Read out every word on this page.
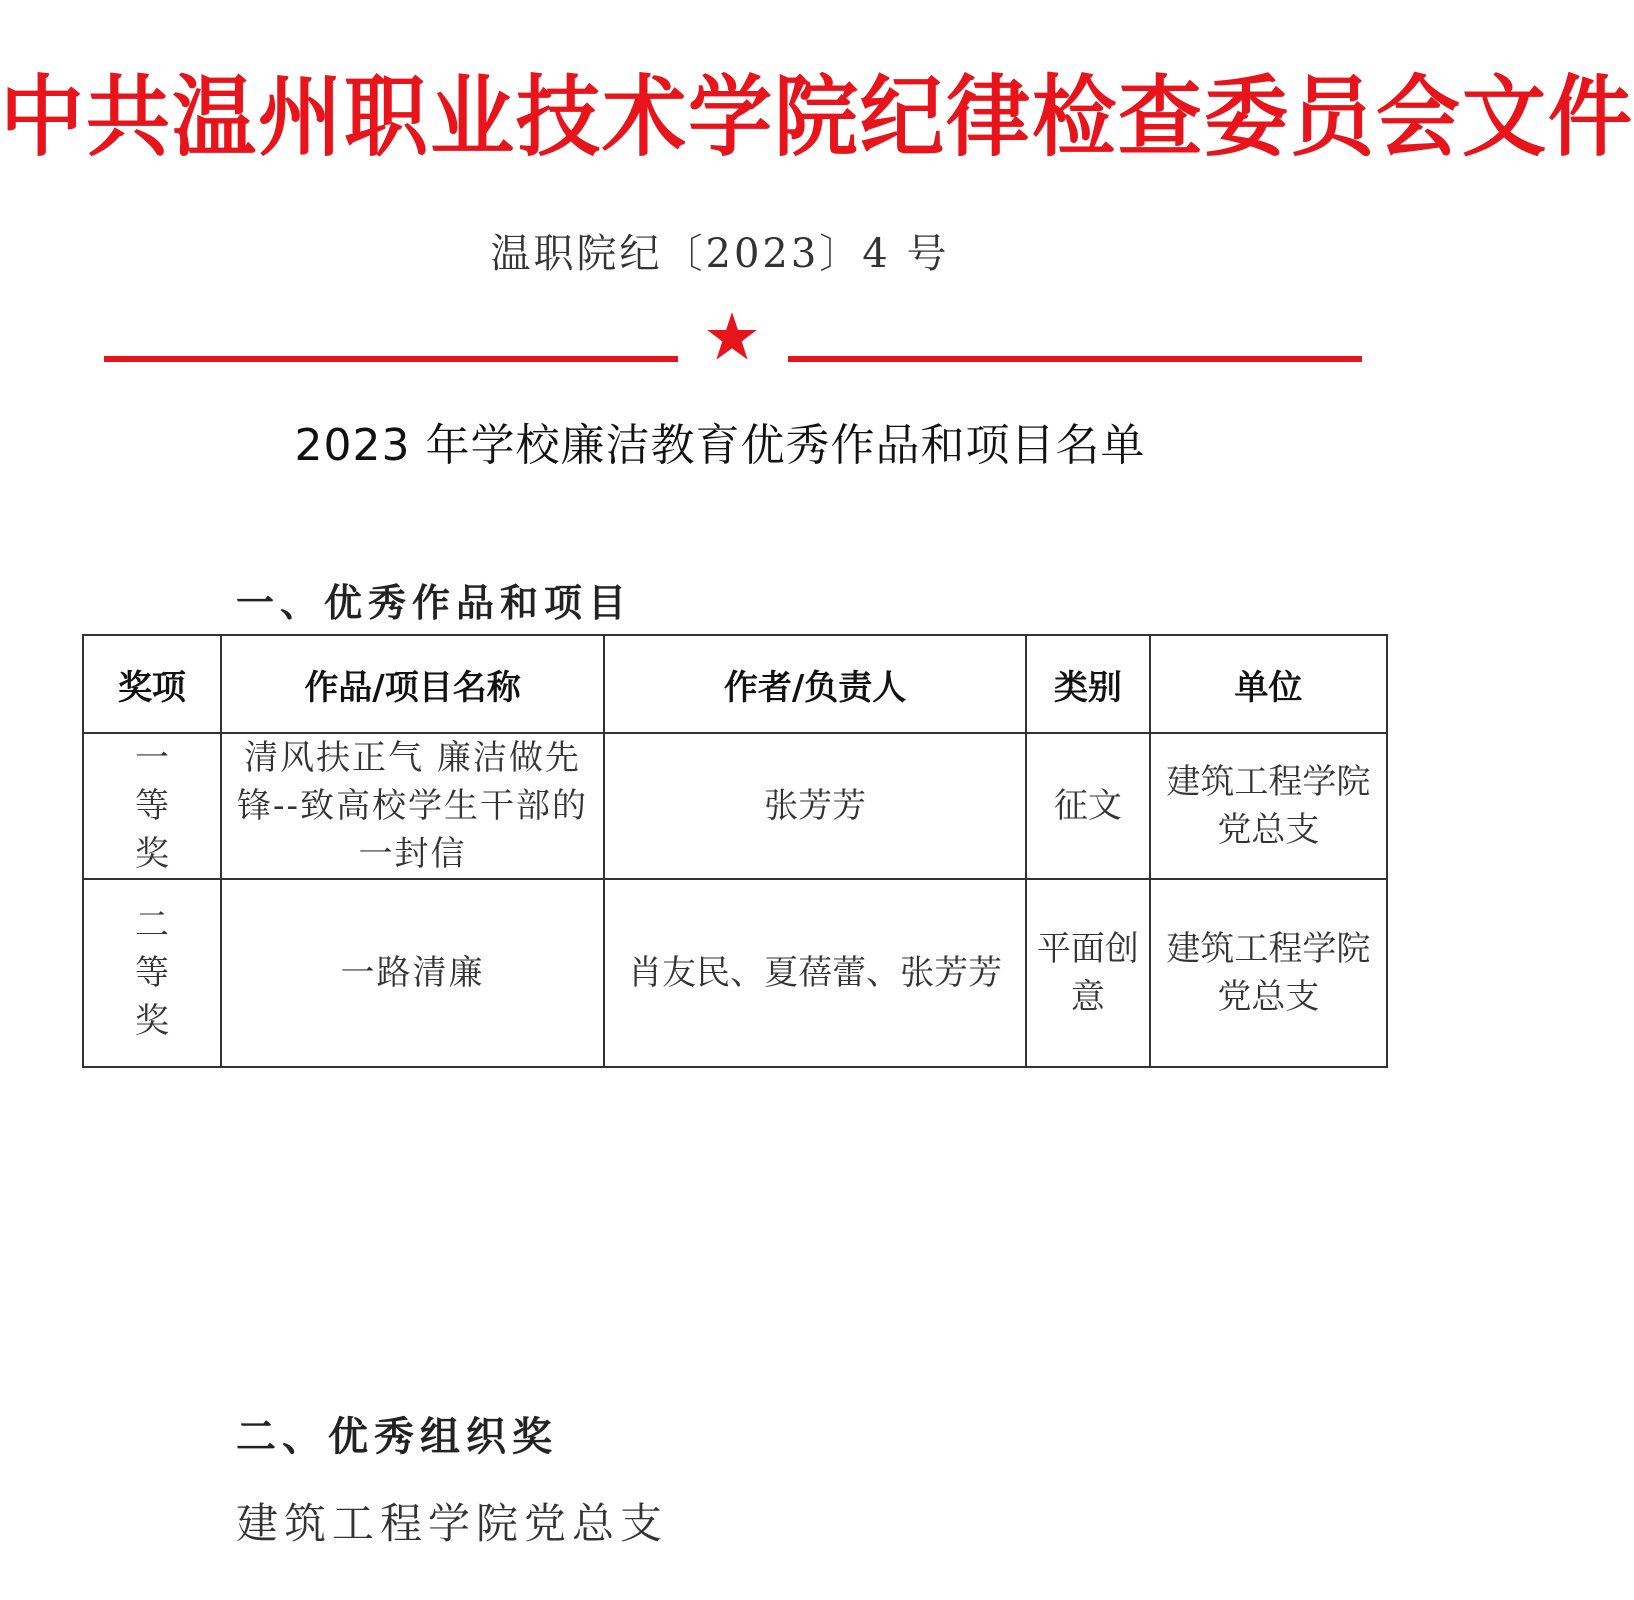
中共温州职业技术学院纪律检查委员会文件
温职院纪〔2023〕4 号
2023 年学校廉洁教育优秀作品和项目名单
一、优秀作品和项目
奖项	作品/项目名称	作者/负责人	类别	单位
一等奖	清风扶正气 廉洁做先锋--致高校学生干部的一封信	张芳芳	征文	建筑工程学院党总支
二等奖	一路清廉	肖友民、夏蓓蕾、张芳芳	平面创意	建筑工程学院党总支
二、优秀组织奖
建筑工程学院党总支
